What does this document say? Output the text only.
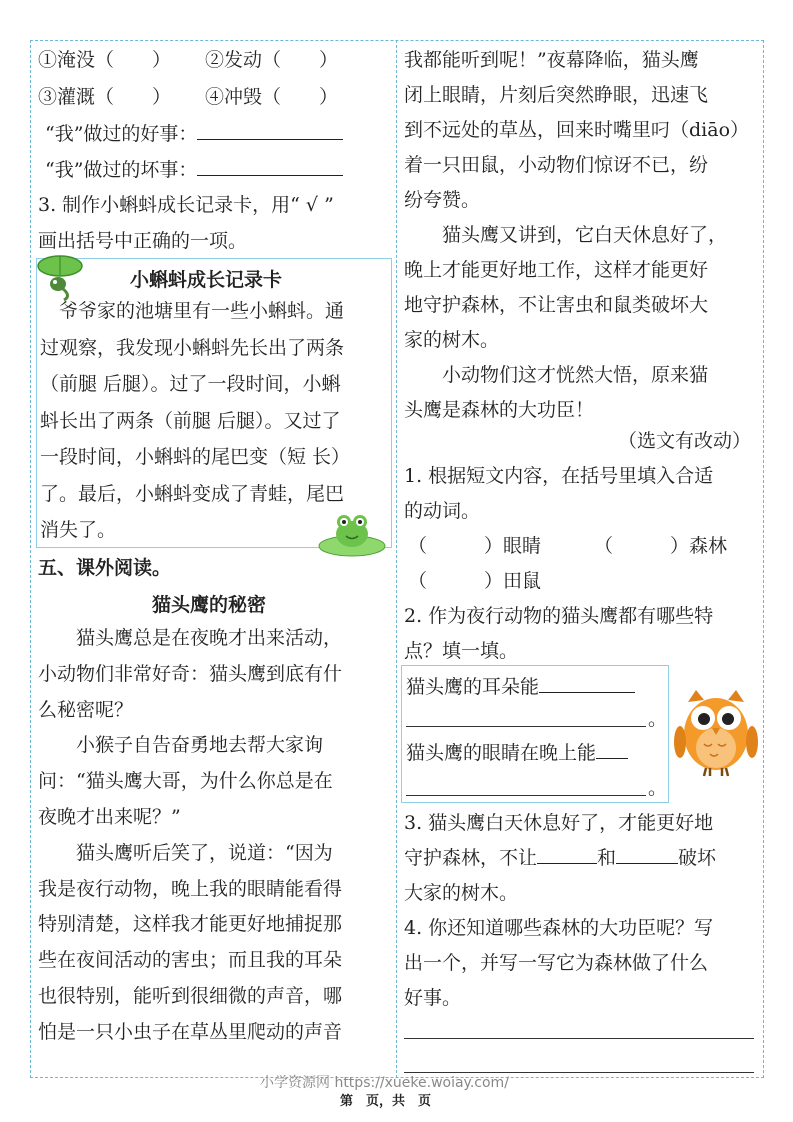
①淹没（　　） ②发动（　　）
③灌溉（　　） ④冲毁（　　）
“我”做过的好事：
“我”做过的坏事：
3. 制作小蝌蚪成长记录卡，用“ √ ”
画出括号中正确的一项。
小蝌蚪成长记录卡
　爷爷家的池塘里有一些小蝌蚪。通
过观察，我发现小蝌蚪先长出了两条
（前腿 后腿）。过了一段时间，小蝌
蚪长出了两条（前腿 后腿）。又过了
一段时间，小蝌蚪的尾巴变（短 长）
了。最后，小蝌蚪变成了青蛙，尾巴
消失了。
五、课外阅读。
猫头鹰的秘密
　　猫头鹰总是在夜晚才出来活动，
小动物们非常好奇：猫头鹰到底有什
么秘密呢？
　　小猴子自告奋勇地去帮大家询
问：“猫头鹰大哥，为什么你总是在
夜晚才出来呢？”
　　猫头鹰听后笑了，说道：“因为
我是夜行动物，晚上我的眼睛能看得
特别清楚，这样我才能更好地捕捉那
些在夜间活动的害虫；而且我的耳朵
也很特别，能听到很细微的声音，哪
怕是一只小虫子在草丛里爬动的声音
我都能听到呢！”夜幕降临，猫头鹰
闭上眼睛，片刻后突然睁眼，迅速飞
到不远处的草丛，回来时嘴里叼（diāo）
着一只田鼠，小动物们惊讶不已，纷
纷夸赞。
　　猫头鹰又讲到，它白天休息好了，
晚上才能更好地工作，这样才能更好
地守护森林，不让害虫和鼠类破坏大
家的树木。
　　小动物们这才恍然大悟，原来猫
头鹰是森林的大功臣！
（选文有改动）
1. 根据短文内容，在括号里填入合适
的动词。
（　　　）眼睛	（　　　）森林
（　　　）田鼠
2. 作为夜行动物的猫头鹰都有哪些特
点？填一填。
猫头鹰的耳朵能
。
猫头鹰的眼睛在晚上能
。
3. 猫头鹰白天休息好了，才能更好地
守护森林，不让	和	破坏
大家的树木。
4. 你还知道哪些森林的大功臣呢？写
出一个，并写一写它为森林做了什么
好事。
小学资源网 https://xueke.woiay.com/
第　页，共　页
